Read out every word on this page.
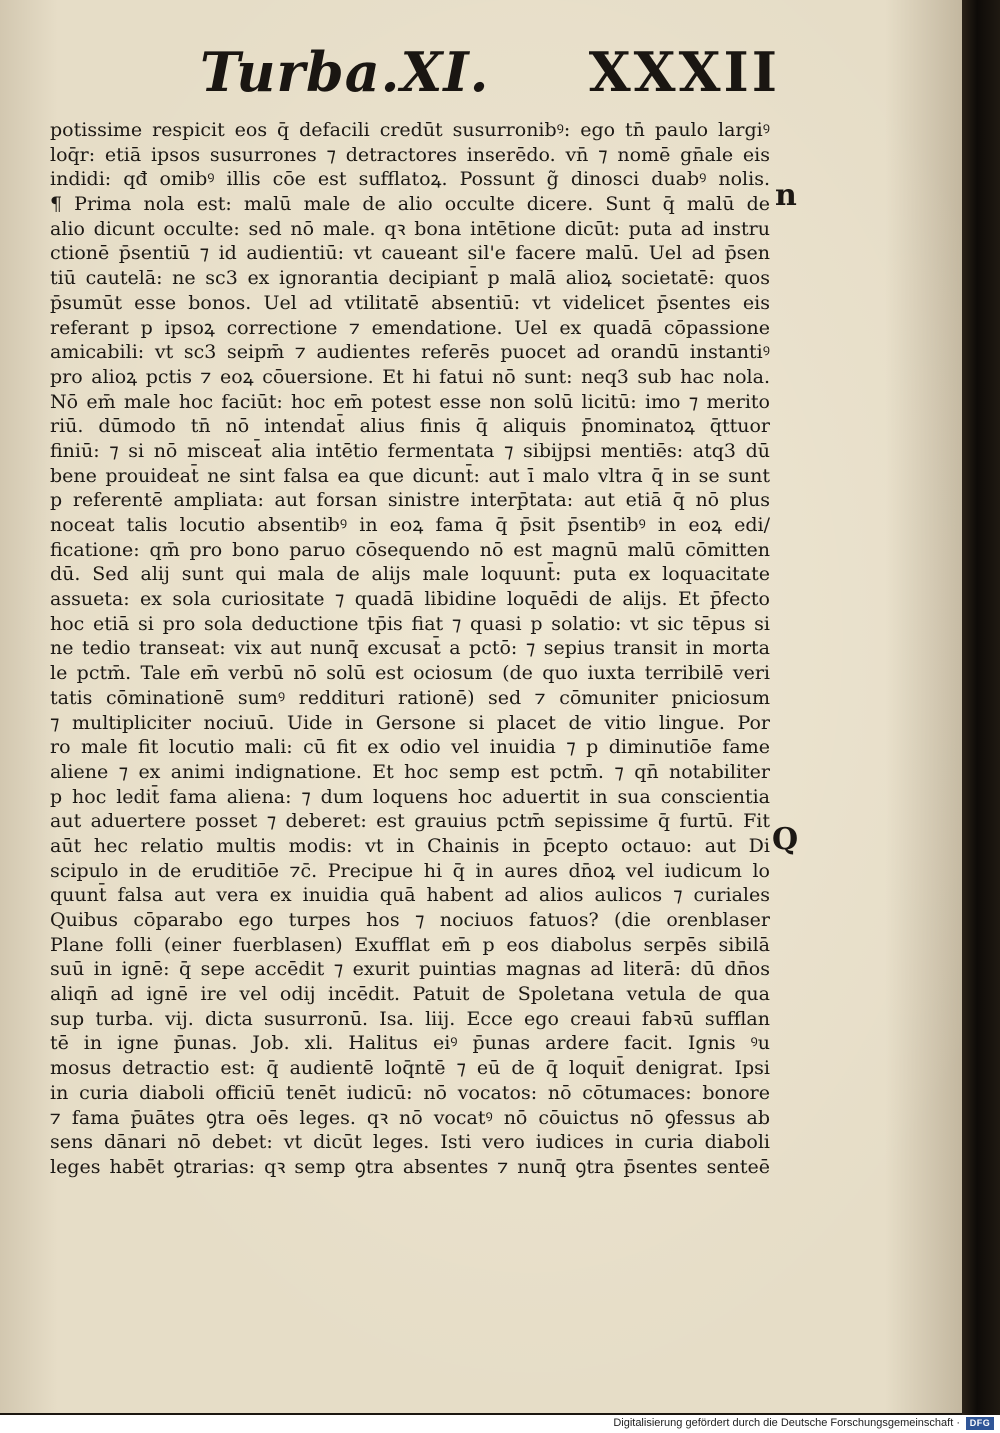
Turba.XI. XXXII
potissime respicit eos q̄ defacili credūt susurronibꝰ: ego tn̄ paulo largiꝰ
loq̄r: etiā ipsos susurrones ⁊ detractores inserēdo. vn̄ ⁊ nomē gn̄ale eis
indidi: qđ omibꝰ illis cōe est sufflatoꝝ. Possunt g̃ dinosci duabꝰ nolis.
¶ Prima nola est: malū male de alio occulte dicere. Sunt q̄ malū de
alio dicunt occulte: sed nō male. qꝛ bona intētione dicūt: puta ad instru
ctionē p̄sentiū ⁊ id audientiū: vt caueant sil'e facere malū. Uel ad p̄sen
tiū cautelā: ne sc3 ex ignorantia decipiant̄ p malā alioꝝ societatē: quos
p̄sumūt esse bonos. Uel ad vtilitatē absentiū: vt videlicet p̄sentes eis
referant p ipsoꝝ correctione ⁊ emendatione. Uel ex quadā cōpassione
amicabili: vt sc3 seipm̄ ⁊ audientes referēs puocet ad orandū instantiꝰ
pro alioꝝ pctis ⁊ eoꝝ cōuersione. Et hi fatui nō sunt: neq3 sub hac nola.
Nō em̄ male hoc faciūt: hoc em̄ potest esse non solū licitū: imo ⁊ merito
riū. dūmodo tn̄ nō intendat̄ alius finis q̄ aliquis p̄nominatoꝝ q̄ttuor
finiū: ⁊ si nō misceat̄ alia intētio fermentata ⁊ sibijpsi mentiēs: atq3 dū
bene prouideat̄ ne sint falsa ea que dicunt̄: aut ī malo vltra q̄ in se sunt
p referentē ampliata: aut forsan sinistre interp̄tata: aut etiā q̄ nō plus
noceat talis locutio absentibꝰ in eoꝝ fama q̄ p̄sit p̄sentibꝰ in eoꝝ edi/
ficatione: qm̄ pro bono paruo cōsequendo nō est magnū malū cōmitten
dū. Sed alij sunt qui mala de alijs male loquunt̄: puta ex loquacitate
assueta: ex sola curiositate ⁊ quadā libidine loquēdi de alijs. Et p̄fecto
hoc etiā si pro sola deductione tp̄is fiat ⁊ quasi p solatio: vt sic tēpus si
ne tedio transeat: vix aut nunq̄ excusat̄ a pctō: ⁊ sepius transit in morta
le pctm̄. Tale em̄ verbū nō solū est ociosum (de quo iuxta terribilē veri
tatis cōminationē sumꝰ reddituri rationē) sed ⁊ cōmuniter pniciosum
⁊ multipliciter nociuū. Uide in Gersone si placet de vitio lingue. Por
ro male fit locutio mali: cū fit ex odio vel inuidia ⁊ p diminutiōe fame
aliene ⁊ ex animi indignatione. Et hoc semp est pctm̄. ⁊ qn̄ notabiliter
p hoc ledit̄ fama aliena: ⁊ dum loquens hoc aduertit in sua conscientia
aut aduertere posset ⁊ deberet: est grauius pctm̄ sepissime q̄ furtū. Fit
aūt hec relatio multis modis: vt in Chainis in p̄cepto octauo: aut Di
scipulo in de eruditiōe ⁊c̄. Precipue hi q̄ in aures dn̄oꝝ vel iudicum lo
quunt̄ falsa aut vera ex inuidia quā habent ad alios aulicos ⁊ curiales
Quibus cōparabo ego turpes hos ⁊ nociuos fatuos? (die orenblaser
Plane folli (einer fuerblasen) Exufflat em̄ p eos diabolus serpēs sibilā
suū in ignē: q̄ sepe accēdit ⁊ exurit puintias magnas ad literā: dū dn̄os
aliqn̄ ad ignē ire vel odij incēdit. Patuit de Spoletana vetula de qua
sup turba. vij. dicta susurronū. Isa. liij. Ecce ego creaui fabꝛū sufflan
tē in igne p̄unas. Job. xli. Halitus eiꝰ p̄unas ardere facit. Ignis ꝰu
mosus detractio est: q̄ audientē loq̄ntē ⁊ eū de q̄ loquit̄ denigrat. Ipsi
in curia diaboli officiū tenēt iudicū: nō vocatos: nō cōtumaces: bonore
⁊ fama p̄uātes ꝯtra oēs leges. qꝛ nō vocatꝰ nō cōuictus nō ꝯfessus ab
sens dānari nō debet: vt dicūt leges. Isti vero iudices in curia diaboli
leges habēt ꝯtrarias: qꝛ semp ꝯtra absentes ⁊ nunq̄ ꝯtra p̄sentes senteē
n
Q
Digitalisierung gefördert durch die Deutsche Forschungsgemeinschaft ·	DFG
